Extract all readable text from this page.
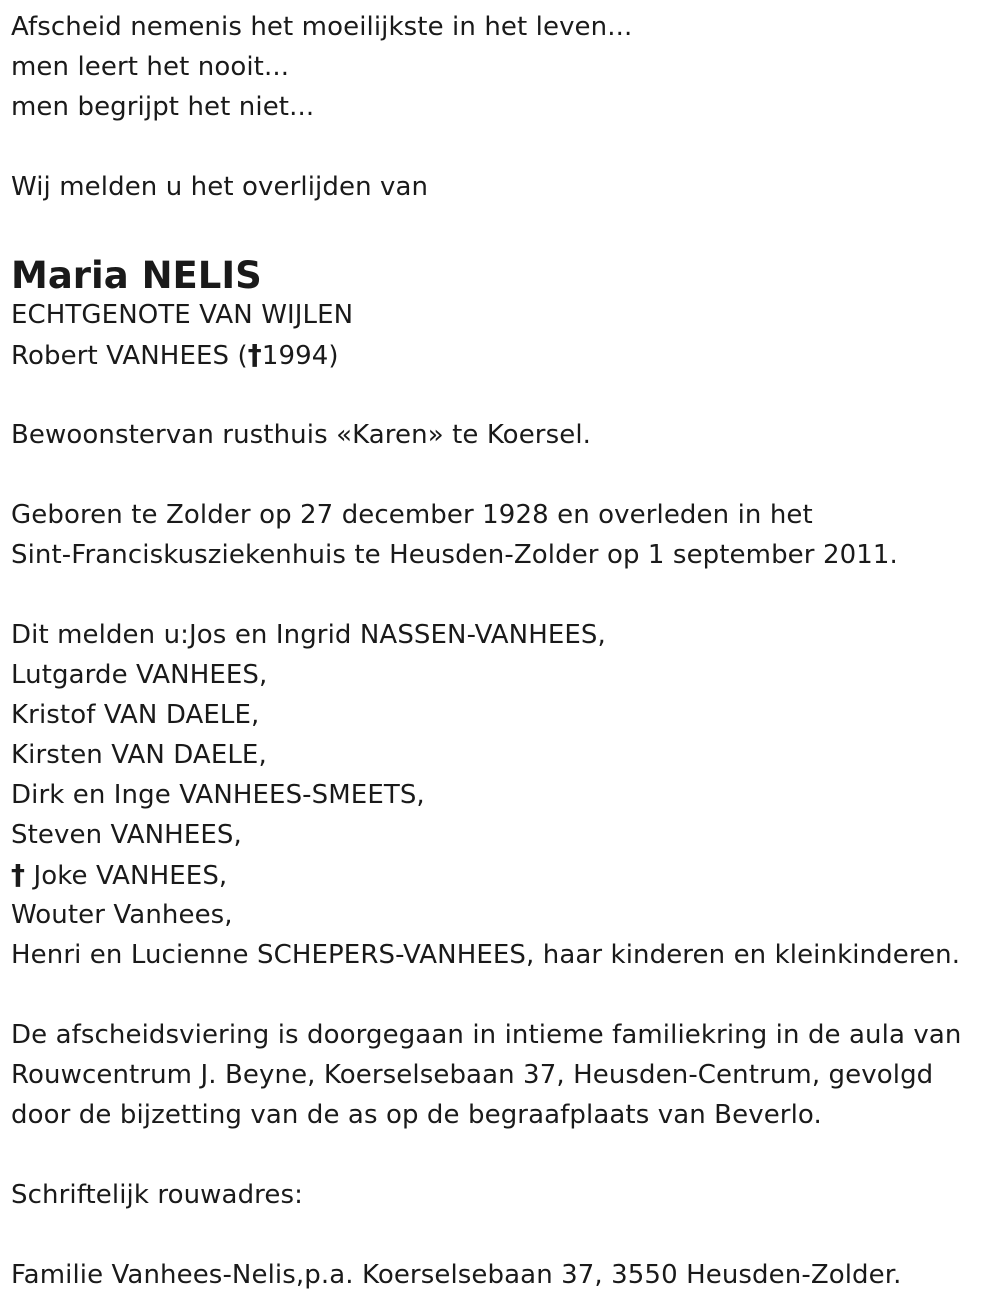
Afscheid nemenis het moeilijkste in het leven...
men leert het nooit...
men begrijpt het niet...
Wij melden u het overlijden van
Maria NELIS
ECHTGENOTE VAN WIJLEN
Robert VANHEES (†1994)
Bewoonstervan rusthuis «Karen» te Koersel.
Geboren te Zolder op 27 december 1928 en overleden in het
Sint-Franciskusziekenhuis te Heusden-Zolder op 1 september 2011.
Dit melden u:Jos en Ingrid NASSEN-VANHEES,
Lutgarde VANHEES,
Kristof VAN DAELE,
Kirsten VAN DAELE,
Dirk en Inge VANHEES-SMEETS,
Steven VANHEES,
† Joke VANHEES,
Wouter Vanhees,
Henri en Lucienne SCHEPERS-VANHEES, haar kinderen en kleinkinderen.
De afscheidsviering is doorgegaan in intieme familiekring in de aula van
Rouwcentrum J. Beyne, Koerselsebaan 37, Heusden-Centrum, gevolgd
door de bijzetting van de as op de begraafplaats van Beverlo.
Schriftelijk rouwadres:
Familie Vanhees-Nelis,p.a. Koerselsebaan 37, 3550 Heusden-Zolder.
